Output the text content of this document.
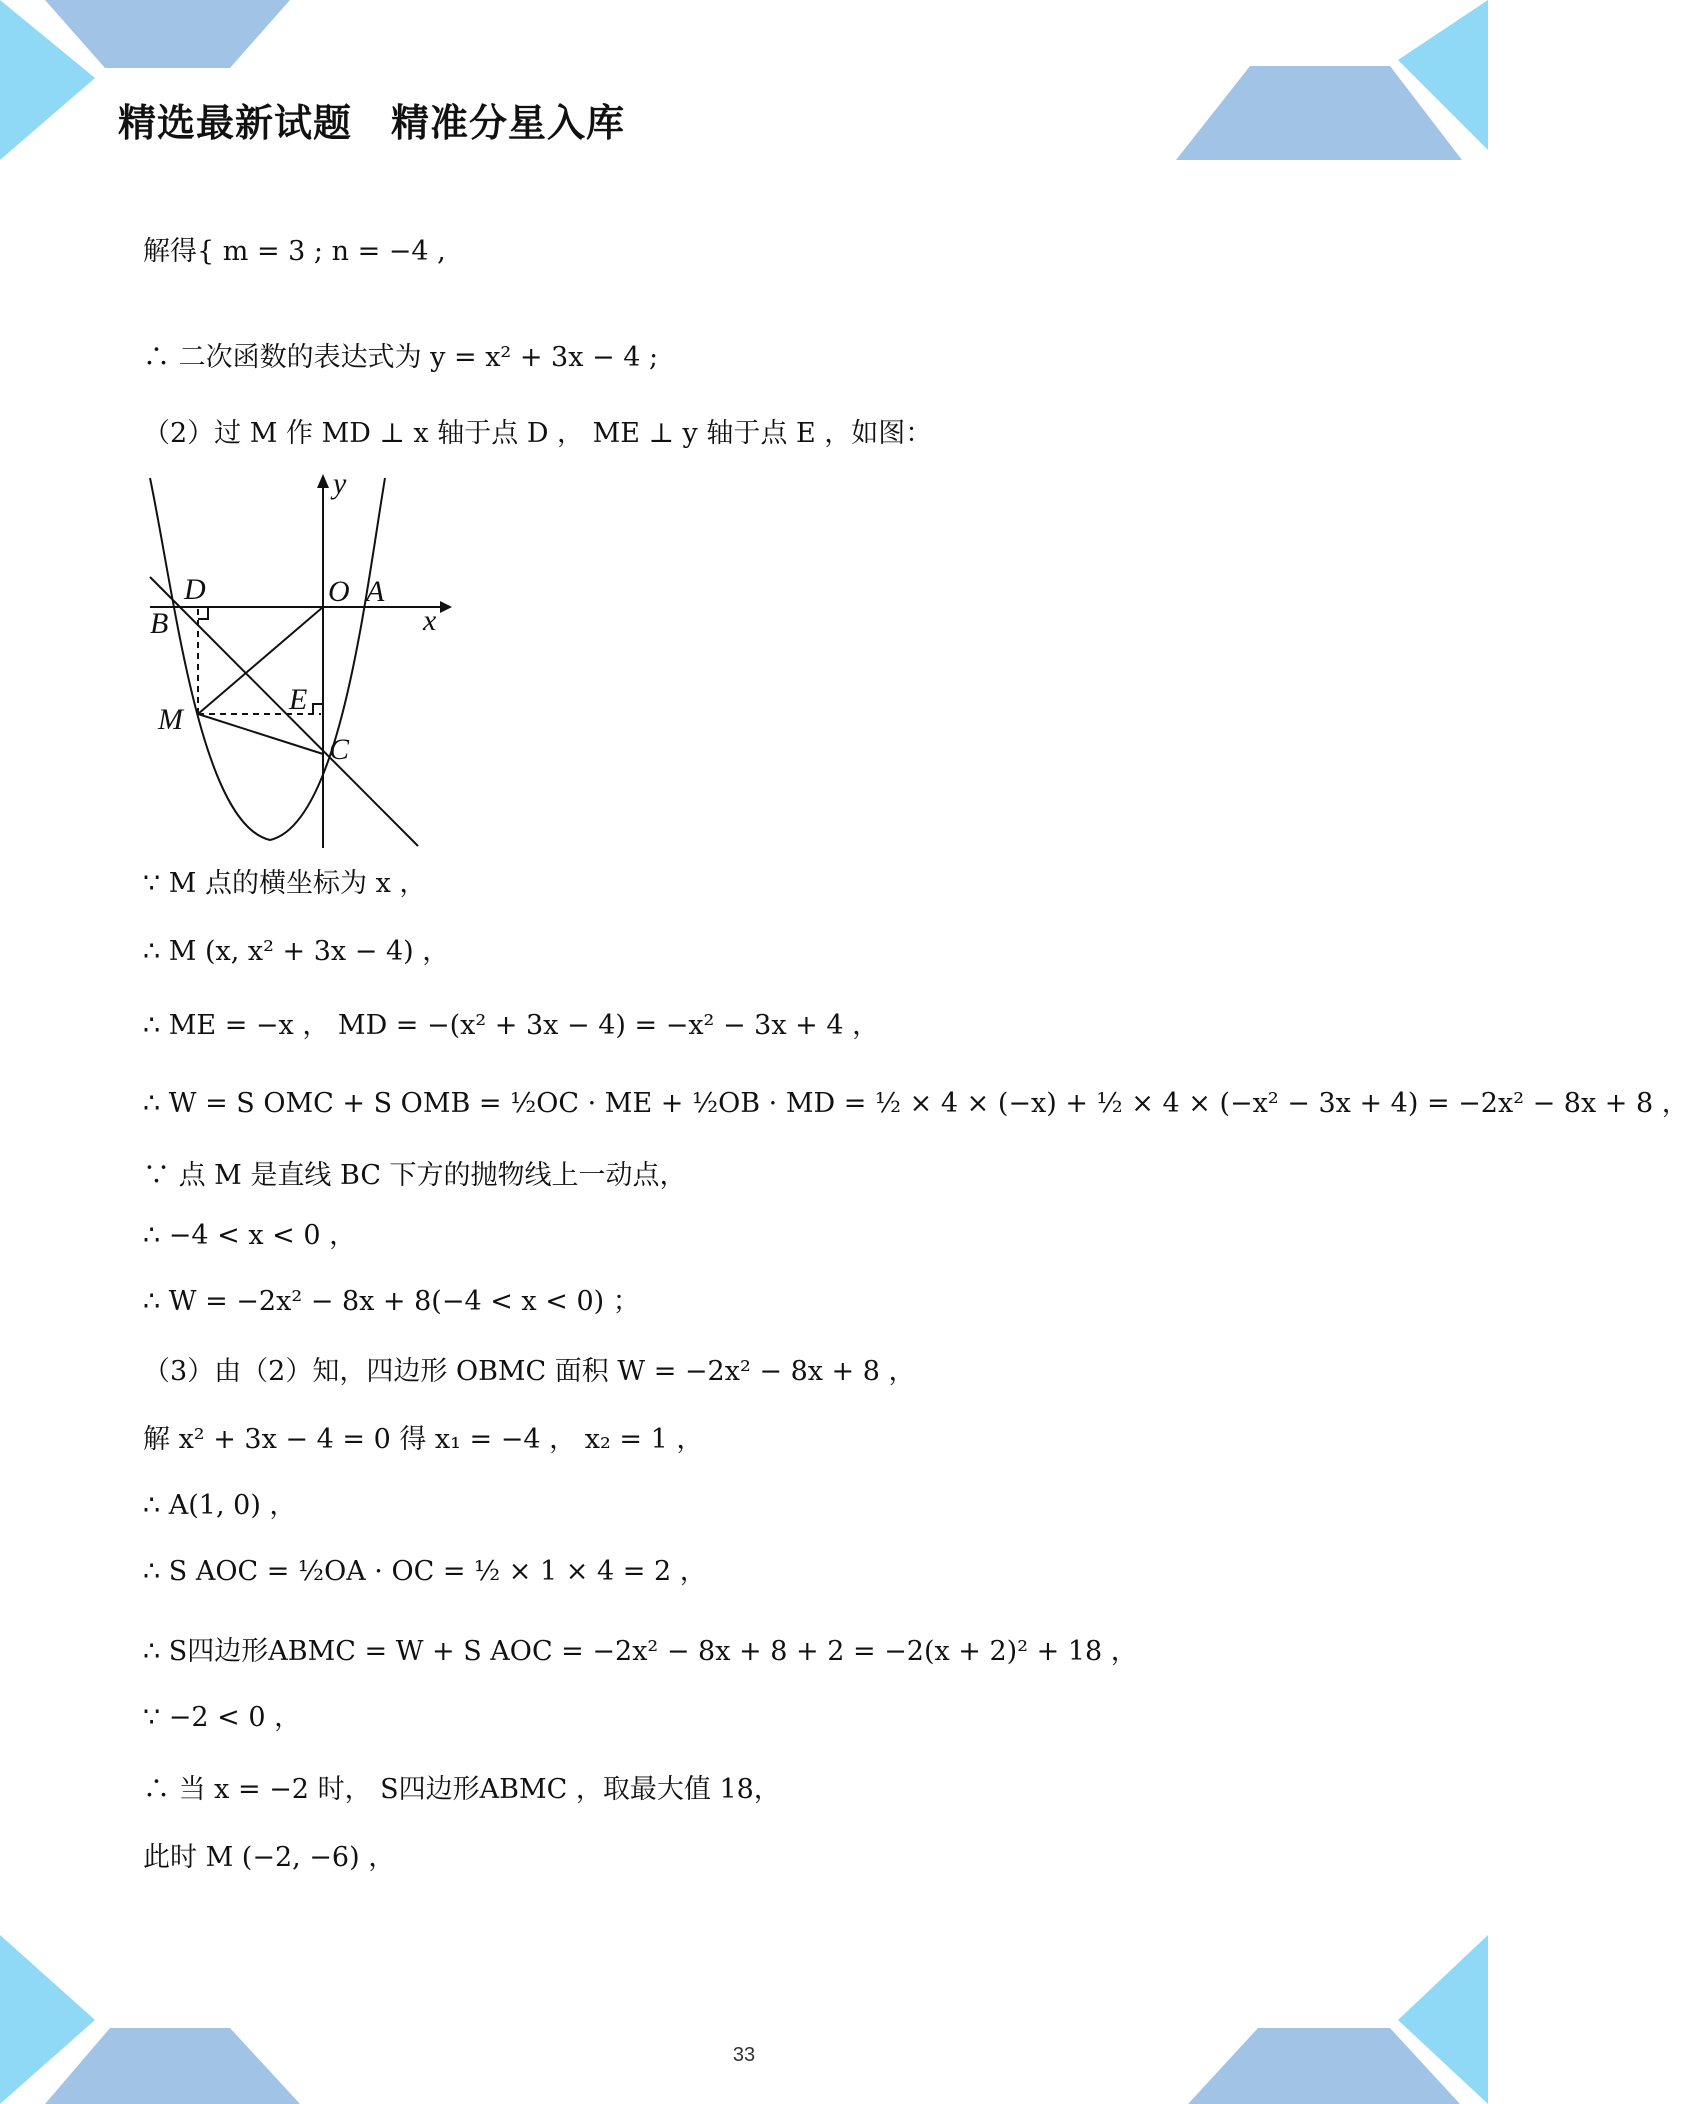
精选最新试题　精准分星入库
解得{ m = 3 ; n = −4 ,
∴ 二次函数的表达式为 y = x² + 3x − 4 ;
（2）过 M 作 MD ⊥ x 轴于点 D ， ME ⊥ y 轴于点 E ，如图：
∵ M 点的横坐标为 x ，
∴ M (x, x² + 3x − 4) ，
∴ ME = −x ， MD = −(x² + 3x − 4) = −x² − 3x + 4 ，
∴ W = S OMC + S OMB = ½OC · ME + ½OB · MD = ½ × 4 × (−x) + ½ × 4 × (−x² − 3x + 4) = −2x² − 8x + 8 ，
∵ 点 M 是直线 BC 下方的抛物线上一动点，
∴ −4 < x < 0 ，
∴ W = −2x² − 8x + 8(−4 < x < 0) ；
（3）由（2）知，四边形 OBMC 面积 W = −2x² − 8x + 8 ，
解 x² + 3x − 4 = 0 得 x₁ = −4 ， x₂ = 1 ，
∴ A(1, 0) ，
∴ S AOC = ½OA · OC = ½ × 1 × 4 = 2 ，
∴ S四边形ABMC = W + S AOC = −2x² − 8x + 8 + 2 = −2(x + 2)² + 18 ，
∵ −2 < 0 ，
∴ 当 x = −2 时， S四边形ABMC ，取最大值 18，
此时 M (−2, −6) ，
y
x
O A
D
B
E
M
C
33
